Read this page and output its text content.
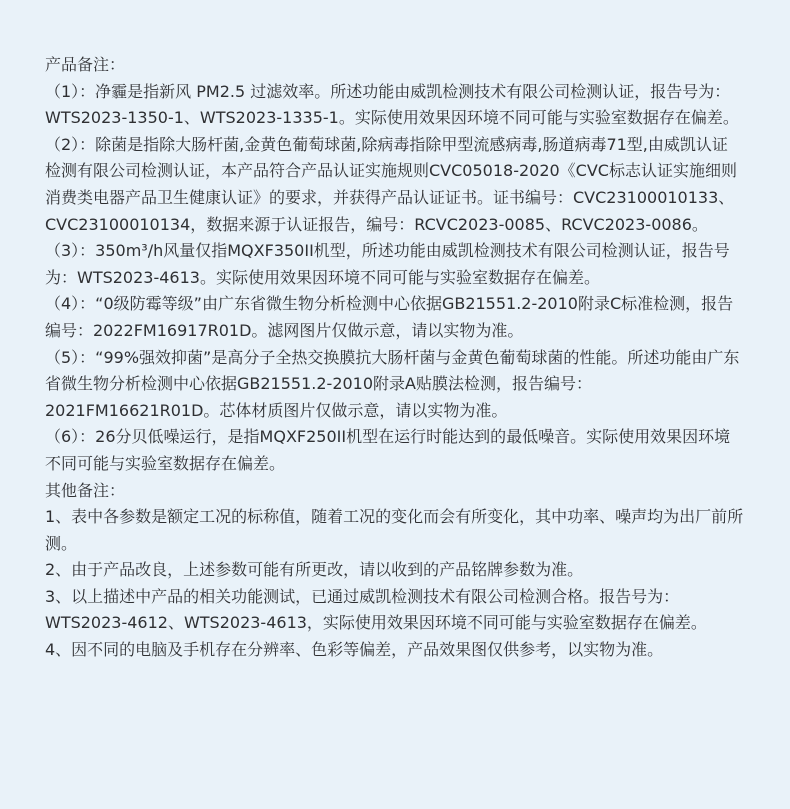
产品备注：
（1）：净霾是指新风 PM2.5 过滤效率。所述功能由威凯检测技术有限公司检测认证，报告号为：
WTS2023-1350-1、WTS2023-1335-1。实际使用效果因环境不同可能与实验室数据存在偏差。
（2）：除菌是指除大肠杆菌,金黄色葡萄球菌,除病毒指除甲型流感病毒,肠道病毒71型,由威凯认证
检测有限公司检测认证，本产品符合产品认证实施规则CVC05018-2020《CVC标志认证实施细则
消费类电器产品卫生健康认证》的要求，并获得产品认证证书。证书编号：CVC23100010133、
CVC23100010134，数据来源于认证报告，编号：RCVC2023-0085、RCVC2023-0086。
（3）：350m³/h风量仅指MQXF350II机型，所述功能由威凯检测技术有限公司检测认证，报告号
为：WTS2023-4613。实际使用效果因环境不同可能与实验室数据存在偏差。
（4）：“0级防霉等级”由广东省微生物分析检测中心依据GB21551.2-2010附录C标准检测，报告
编号：2022FM16917R01D。滤网图片仅做示意，请以实物为准。
（5）：“99%强效抑菌”是高分子全热交换膜抗大肠杆菌与金黄色葡萄球菌的性能。所述功能由广东
省微生物分析检测中心依据GB21551.2-2010附录A贴膜法检测，报告编号：
2021FM16621R01D。芯体材质图片仅做示意，请以实物为准。
（6）：26分贝低噪运行，是指MQXF250II机型在运行时能达到的最低噪音。实际使用效果因环境
不同可能与实验室数据存在偏差。
其他备注：
1、表中各参数是额定工况的标称值，随着工况的变化而会有所变化，其中功率、噪声均为出厂前所
测。
2、由于产品改良，上述参数可能有所更改，请以收到的产品铭牌参数为准。
3、以上描述中产品的相关功能测试，已通过威凯检测技术有限公司检测合格。报告号为：
WTS2023-4612、WTS2023-4613，实际使用效果因环境不同可能与实验室数据存在偏差。
4、因不同的电脑及手机存在分辨率、色彩等偏差，产品效果图仅供参考，以实物为准。
